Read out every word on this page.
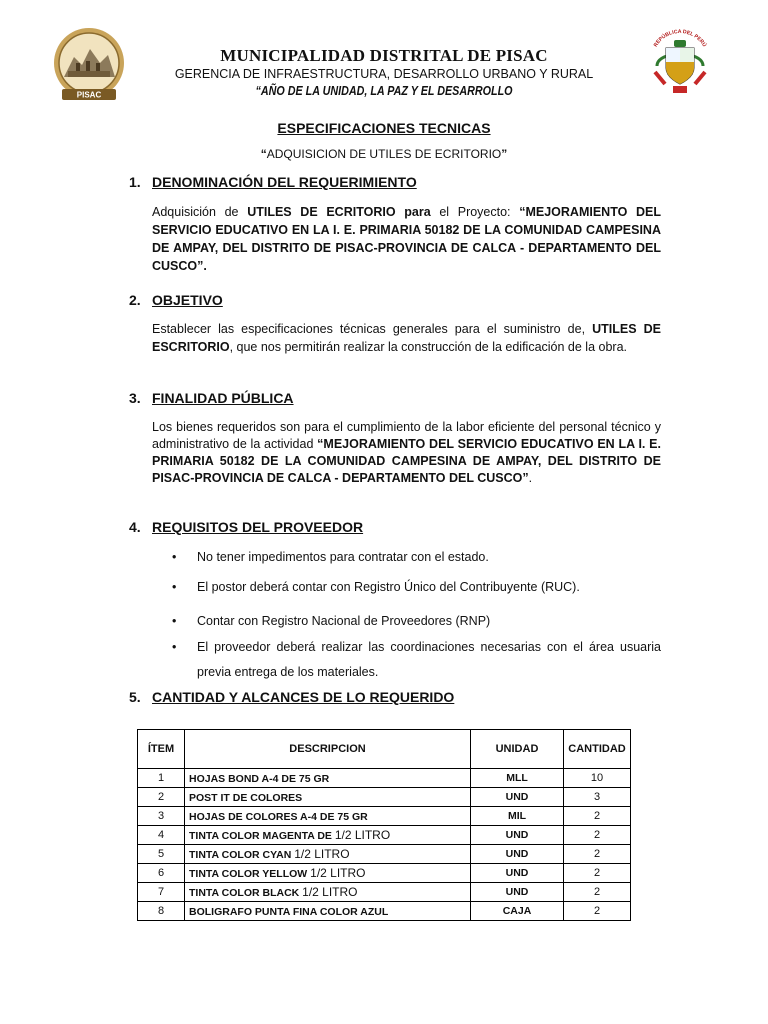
PISAC
REPÚBLICA DEL PERÚ
MUNICIPALIDAD DISTRITAL DE PISAC
GERENCIA DE INFRAESTRUCTURA, DESARROLLO URBANO Y RURAL
“AÑO DE LA UNIDAD, LA PAZ Y EL DESARROLLO
ESPECIFICACIONES TECNICAS
“ADQUISICION DE UTILES DE ECRITORIO”
1. DENOMINACIÓN DEL REQUERIMIENTO
Adquisición de UTILES DE ECRITORIO para el Proyecto: “MEJORAMIENTO DEL SERVICIO EDUCATIVO EN LA I. E. PRIMARIA 50182 DE LA COMUNIDAD CAMPESINA DE AMPAY, DEL DISTRITO DE PISAC-PROVINCIA DE CALCA - DEPARTAMENTO DEL CUSCO”.
2. OBJETIVO
Establecer las especificaciones técnicas generales para el suministro de, UTILES DE ESCRITORIO, que nos permitirán realizar la construcción de la edificación de la obra.
3. FINALIDAD PÚBLICA
Los bienes requeridos son para el cumplimiento de la labor eficiente del personal técnico y administrativo de la actividad “MEJORAMIENTO DEL SERVICIO EDUCATIVO EN LA I. E. PRIMARIA 50182 DE LA COMUNIDAD CAMPESINA DE AMPAY, DEL DISTRITO DE PISAC-PROVINCIA DE CALCA - DEPARTAMENTO DEL CUSCO”.
4. REQUISITOS DEL PROVEEDOR
• No tener impedimentos para contratar con el estado.
• El postor deberá contar con Registro Único del Contribuyente (RUC).
• Contar con Registro Nacional de Proveedores (RNP)
• El proveedor deberá realizar las coordinaciones necesarias con el área usuaria previa entrega de los materiales.
5. CANTIDAD Y ALCANCES DE LO REQUERIDO
ÍTEM	DESCRIPCION	UNIDAD	CANTIDAD
1	HOJAS BOND A-4 DE 75 GR	MLL	10
2	POST IT DE COLORES	UND	3
3	HOJAS DE COLORES A-4 DE 75 GR	MIL	2
4	TINTA COLOR MAGENTA DE 1/2 LITRO	UND	2
5	TINTA COLOR CYAN 1/2 LITRO	UND	2
6	TINTA COLOR YELLOW 1/2 LITRO	UND	2
7	TINTA COLOR BLACK 1/2 LITRO	UND	2
8	BOLIGRAFO PUNTA FINA COLOR AZUL	CAJA	2
